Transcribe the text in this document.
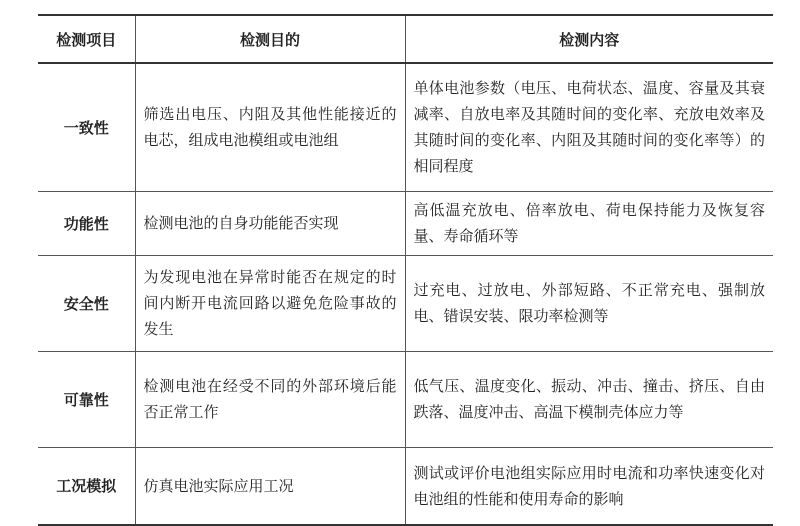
检测项目	检测目的	检测内容
一致性	筛选出电压、内阻及其他性能接近的电芯，组成电池模组或电池组	单体电池参数（电压、电荷状态、温度、容量及其衰减率、自放电率及其随时间的变化率、充放电效率及其随时间的变化率、内阻及其随时间的变化率等）的相同程度
功能性	检测电池的自身功能能否实现	高低温充放电、倍率放电、荷电保持能力及恢复容量、寿命循环等
安全性	为发现电池在异常时能否在规定的时间内断开电流回路以避免危险事故的发生	过充电、过放电、外部短路、不正常充电、强制放电、错误安装、限功率检测等
可靠性	检测电池在经受不同的外部环境后能否正常工作	低气压、温度变化、振动、冲击、撞击、挤压、自由跌落、温度冲击、高温下模制壳体应力等
工况模拟	仿真电池实际应用工况	测试或评价电池组实际应用时电流和功率快速变化对电池组的性能和使用寿命的影响
